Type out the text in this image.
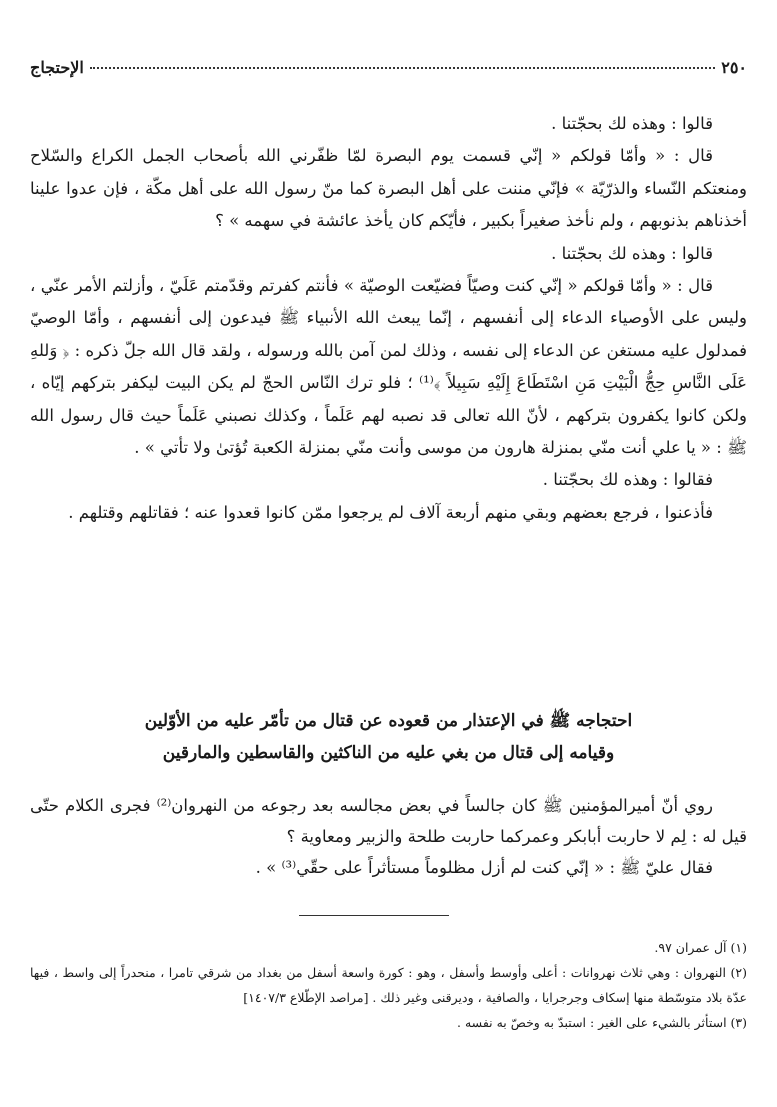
٢٥٠
الإحتجاج

قالوا : وهذه لك بحجّتنا .

قال : « وأمّا قولكم « إنّي قسمت يوم البصرة لمّا ظفّرني الله بأصحاب الجمل الكراع والسّلاح ومنعتكم النّساء والذرّيّة » فإنّي مننت على أهل البصرة كما منّ رسول الله على أهل مكّة ، فإن عدوا علينا أخذناهم بذنوبهم ، ولم نأخذ صغيراً بكبير ، فأيّكم كان يأخذ عائشة في سهمه » ؟

قالوا : وهذه لك بحجّتنا .

قال : « وأمّا قولكم « إنّي كنت وصيّاً فضيّعت الوصيّة » فأنتم كفرتم وقدّمتم عَلَيّ ، وأزلتم الأمر عنّي ، وليس على الأوصياء الدعاء إلى أنفسهم ، إنّما يبعث الله الأنبياء ﷺ فيدعون إلى أنفسهم ، وأمّا الوصيّ فمدلول عليه مستغن عن الدعاء إلى نفسه ، وذلك لمن آمن بالله ورسوله ، ولقد قال الله جلّ ذكره : ﴿ وَللهِ عَلَى النَّاسِ حِجُّ الْبَيْتِ مَنِ اسْتَطَاعَ إِلَيْهِ سَبِيلاً ﴾⁽¹⁾ ؛ فلو ترك النّاس الحجّ لم يكن البيت ليكفر بتركهم إيّاه ، ولكن كانوا يكفرون بتركهم ، لأنّ الله تعالى قد نصبه لهم عَلَماً ، وكذلك نصبني عَلَماً حيث قال رسول الله ﷺ : « يا علي أنت منّي بمنزلة هارون من موسى وأنت منّي بمنزلة الكعبة تُؤتىٰ ولا تأتي » .

فقالوا : وهذه لك بحجّتنا .

فأذعنوا ، فرجع بعضهم وبقي منهم أربعة آلاف لم يرجعوا ممّن كانوا قعدوا عنه ؛ فقاتلهم وقتلهم .

احتجاجه ﷺ في الإعتذار من قعوده عن قتال من تأمّر عليه من الأوّلين
وقيامه إلى قتال من بغي عليه من الناكثين والقاسطين والمارقين

روي أنّ أميرالمؤمنين ﷺ كان جالساً في بعض مجالسه بعد رجوعه من النهروان⁽²⁾ فجرى الكلام حتّى قيل له : لِم لا حاربت أبابكر وعمركما حاربت طلحة والزبير ومعاوية ؟

فقال عليّ ﷺ : « إنّي كنت لم أزل مظلوماً مستأثراً على حقّي⁽³⁾ » .

(١) آل عمران ٩٧.

(٢) النهروان : وهي ثلاث نهروانات : أعلى وأوسط وأسفل ، وهو : كورة واسعة أسفل من بغداد من شرقي تامرا ، منحدراً إلى واسط ، فيها عدّة بلاد متوسّطة منها إسكاف وجرجرايا ، والصافية ، وديرقنى وغير ذلك . [مراصد الإطّلاع ١٤٠٧/٣]

(٣) استأثر بالشيء على الغير : استبدّ به وخصّ به نفسه .
